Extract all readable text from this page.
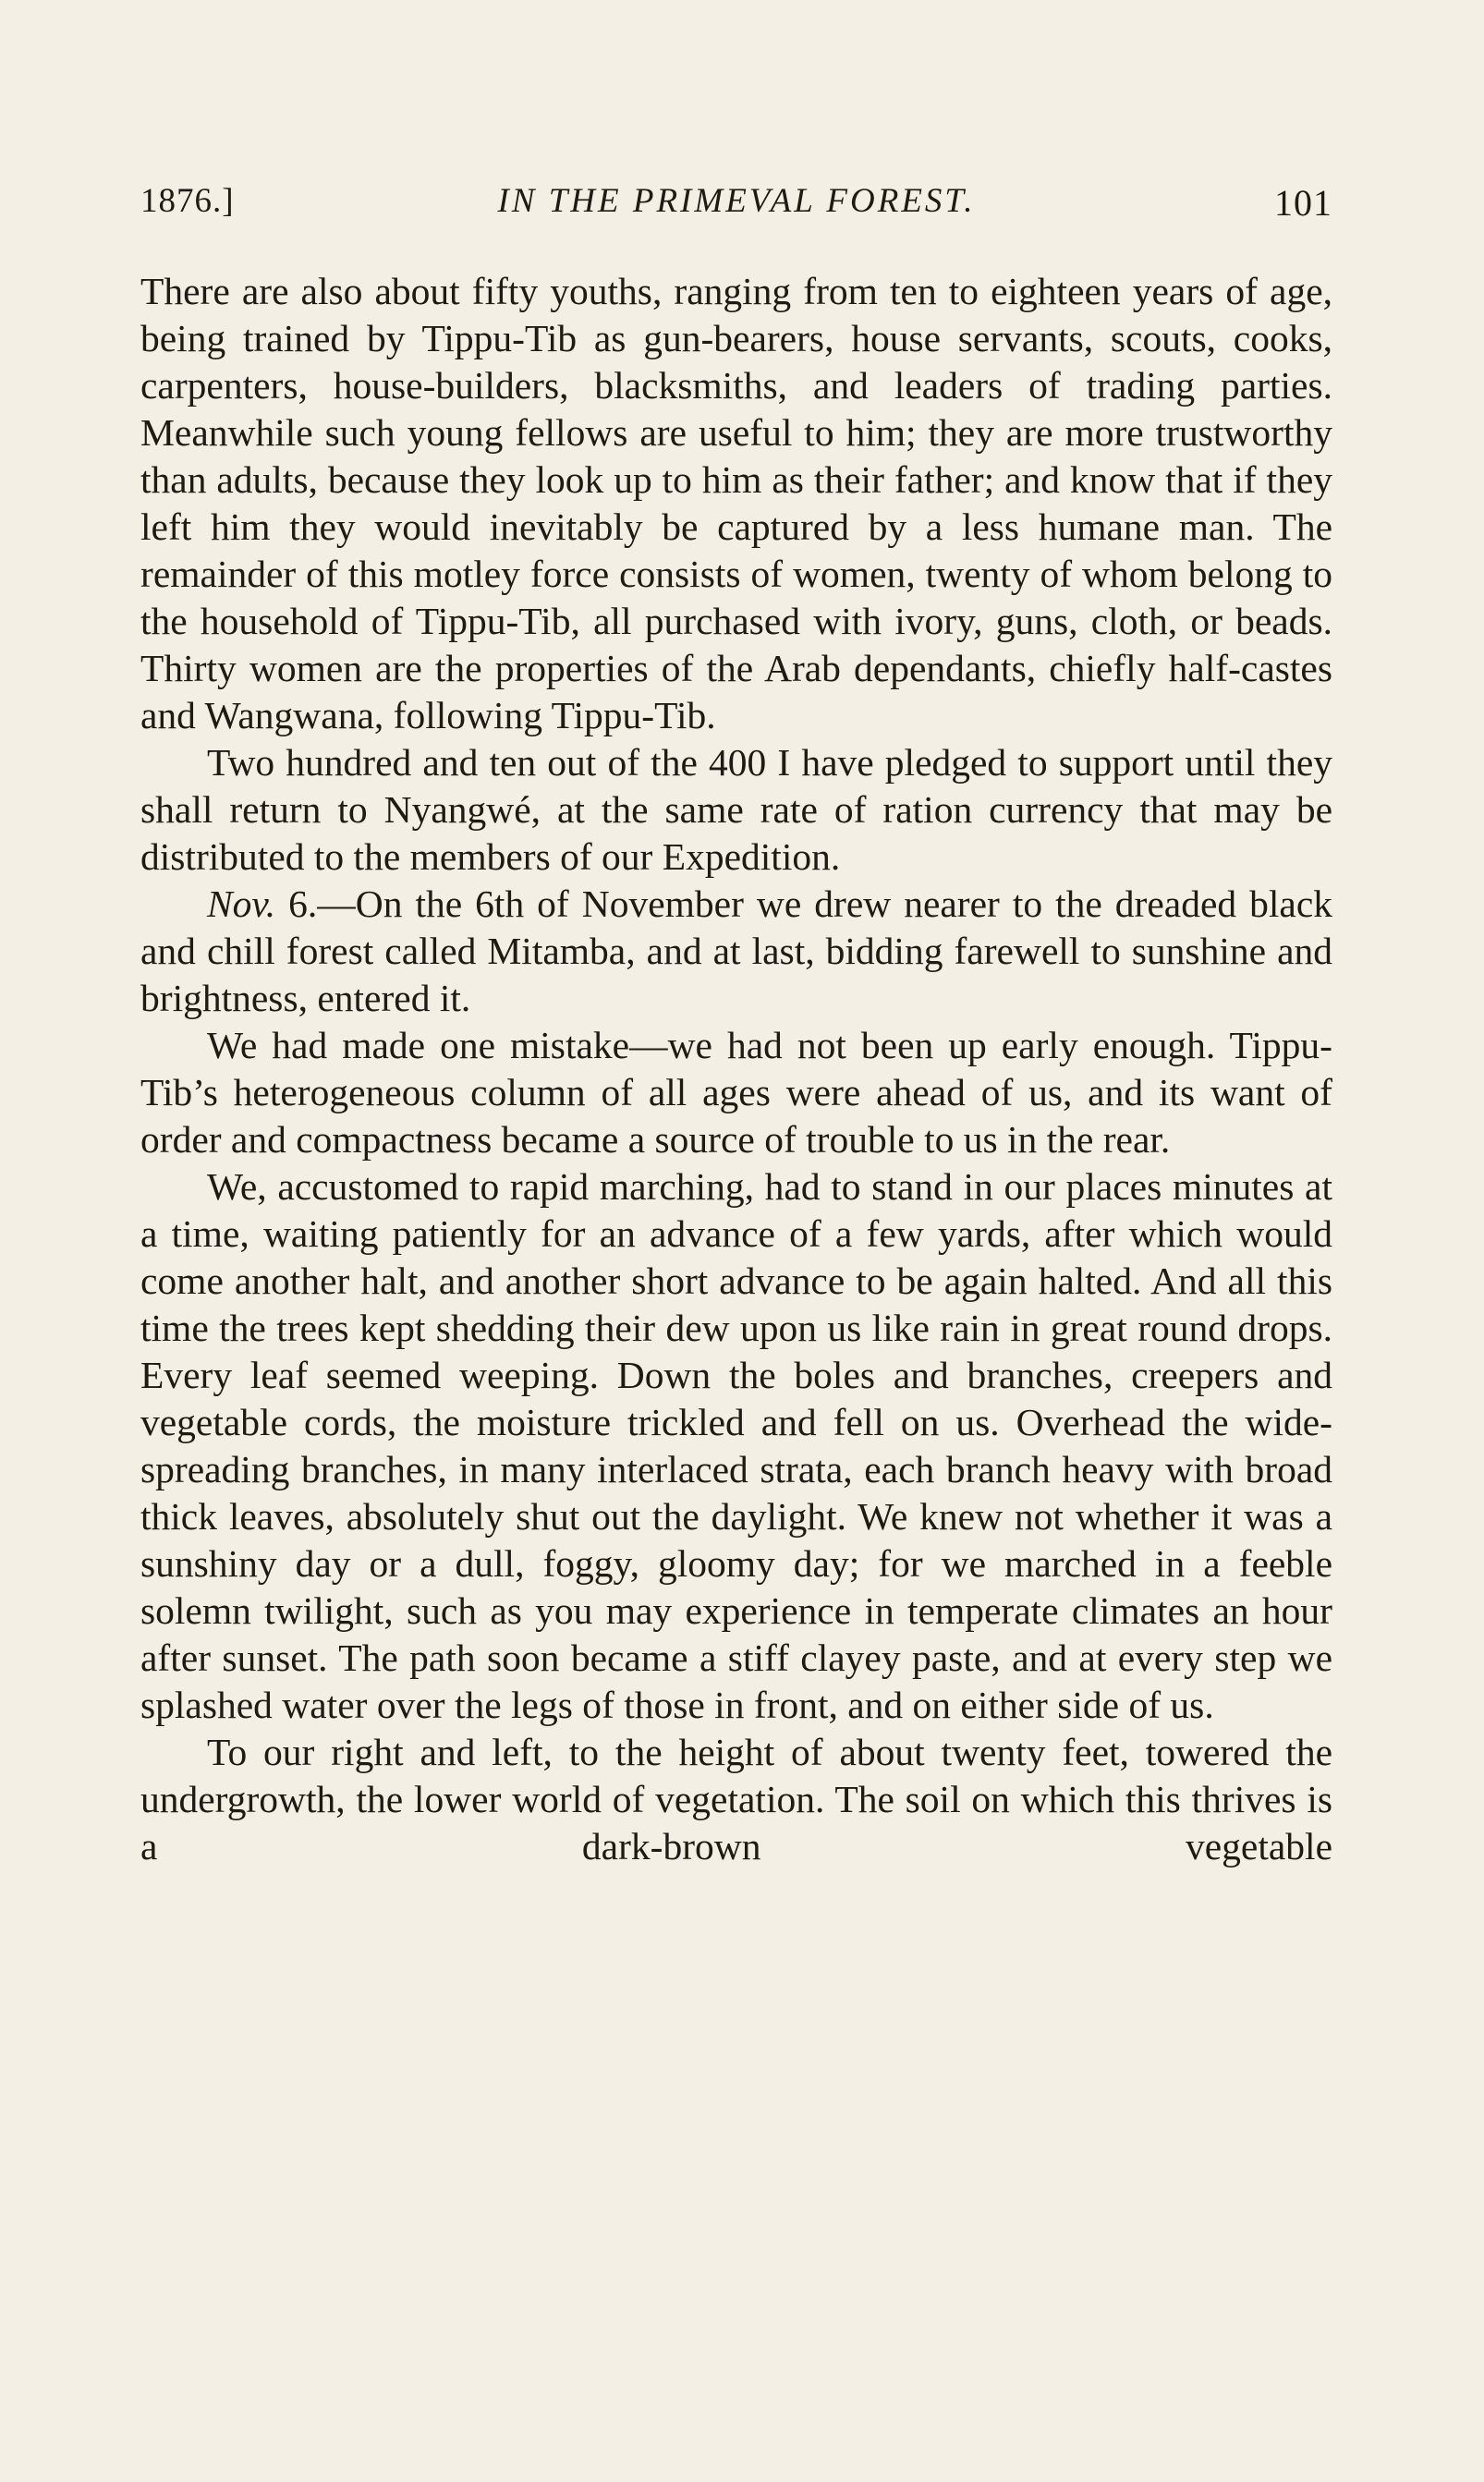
1876.]	IN THE PRIMEVAL FOREST.	101

There are also about fifty youths, ranging from ten to eighteen years of age, being trained by Tippu-Tib as gun-bearers, house servants, scouts, cooks, carpenters, house-builders, blacksmiths, and leaders of trading parties. Meanwhile such young fellows are useful to him; they are more trustworthy than adults, because they look up to him as their father; and know that if they left him they would inevitably be captured by a less humane man. The remainder of this motley force consists of women, twenty of whom belong to the household of Tippu-Tib, all purchased with ivory, guns, cloth, or beads. Thirty women are the properties of the Arab dependants, chiefly half-castes and Wangwana, following Tippu-Tib.

Two hundred and ten out of the 400 I have pledged to support until they shall return to Nyangwé, at the same rate of ration currency that may be distributed to the members of our Expedition.

Nov. 6.—On the 6th of November we drew nearer to the dreaded black and chill forest called Mitamba, and at last, bidding farewell to sunshine and brightness, entered it.

We had made one mistake—we had not been up early enough. Tippu-Tib’s heterogeneous column of all ages were ahead of us, and its want of order and compactness became a source of trouble to us in the rear.

We, accustomed to rapid marching, had to stand in our places minutes at a time, waiting patiently for an advance of a few yards, after which would come another halt, and another short advance to be again halted. And all this time the trees kept shedding their dew upon us like rain in great round drops. Every leaf seemed weeping. Down the boles and branches, creepers and vegetable cords, the moisture trickled and fell on us. Overhead the wide-spreading branches, in many interlaced strata, each branch heavy with broad thick leaves, absolutely shut out the daylight. We knew not whether it was a sunshiny day or a dull, foggy, gloomy day; for we marched in a feeble solemn twilight, such as you may experience in temperate climates an hour after sunset. The path soon became a stiff clayey paste, and at every step we splashed water over the legs of those in front, and on either side of us.

To our right and left, to the height of about twenty feet, towered the undergrowth, the lower world of vegetation. The soil on which this thrives is a dark-brown vegetable
